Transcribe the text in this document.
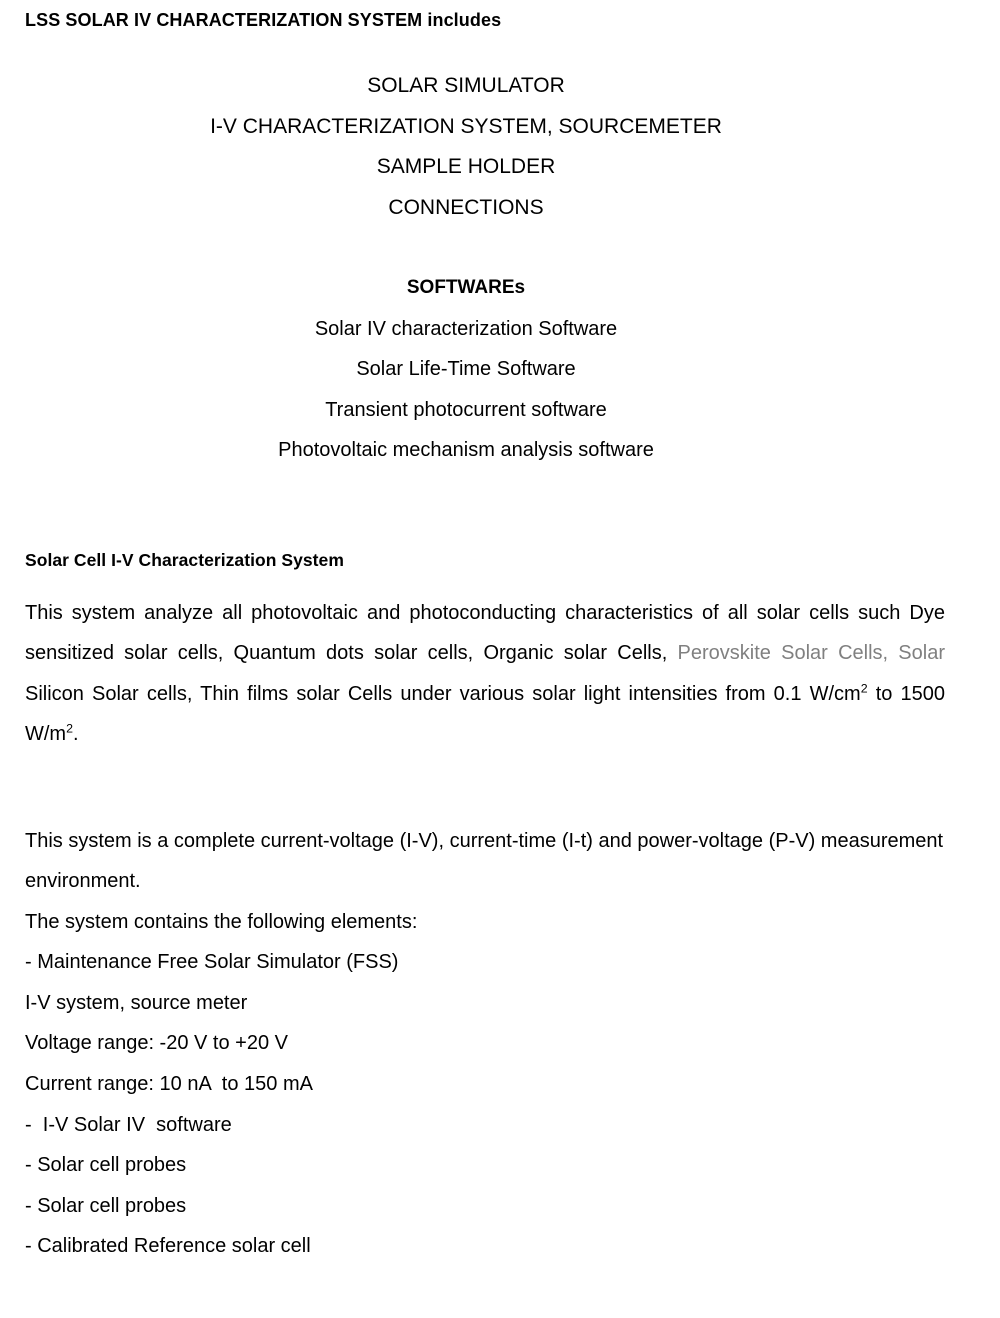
LSS SOLAR IV CHARACTERIZATION SYSTEM includes
SOLAR SIMULATOR
I-V CHARACTERIZATION SYSTEM, SOURCEMETER
SAMPLE HOLDER
CONNECTIONS
SOFTWAREs
Solar IV characterization Software
Solar Life-Time Software
Transient photocurrent software
Photovoltaic mechanism analysis software
Solar Cell I-V Characterization System
This system analyze all photovoltaic and photoconducting characteristics of all solar cells such Dye sensitized solar cells, Quantum dots solar cells, Organic solar Cells, Perovskite Solar Cells, Solar Silicon Solar cells, Thin films solar Cells under various solar light intensities from 0.1 $W/cm^2$ to 1500 $W/m^2$.
This system is a complete current-voltage (I-V), current-time (I-t) and power-voltage (P-V) measurement environment.
The system contains the following elements:
- Maintenance Free Solar Simulator (FSS)
I-V system, source meter
Voltage range: -20 V to +20 V
Current range: 10 nA  to 150 mA
-  I-V Solar IV  software
- Solar cell probes
- Solar cell probes
- Calibrated Reference solar cell
